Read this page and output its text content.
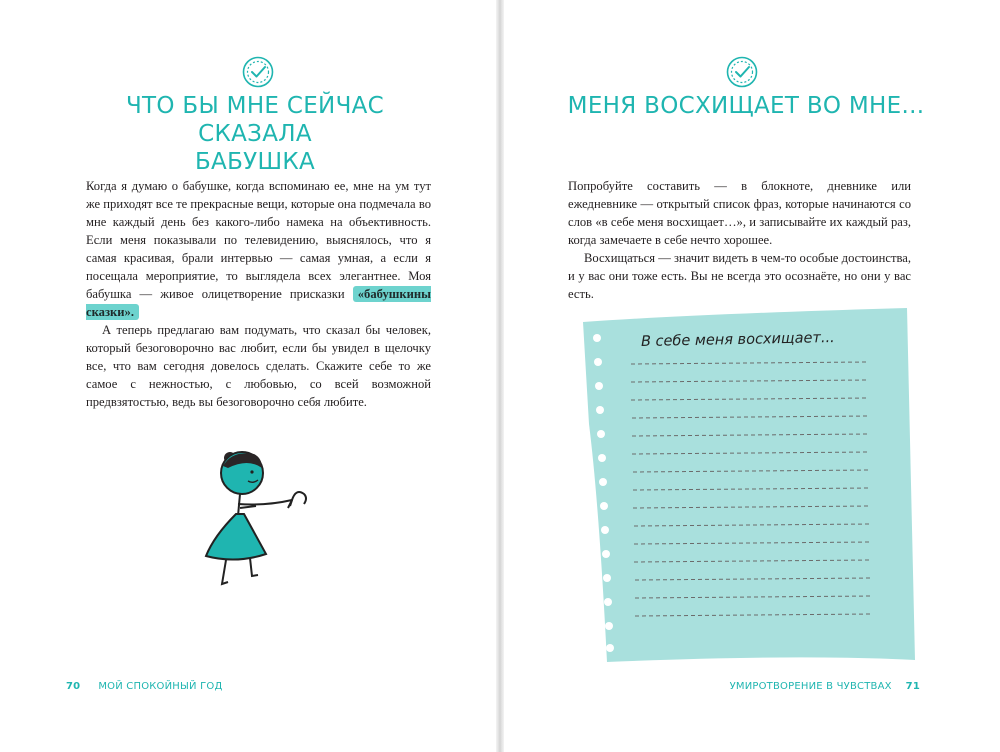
ЧТО БЫ МНЕ СЕЙЧАС СКАЗАЛА
БАБУШКА

Когда я думаю о бабушке, когда вспоминаю ее, мне на ум тут же приходят все те прекрасные вещи, которые она подмечала во мне каждый день без какого-либо намека на объективность. Если меня показывали по телевидению, выяснялось, что я самая красивая, брали интервью — самая умная, а если я посещала мероприятие, то выглядела всех элегантнее. Моя бабушка — живое олицетворение присказки «бабушкины сказки».

А теперь предлагаю вам подумать, что сказал бы человек, который безоговорочно вас любит, если бы увидел в щелочку все, что вам сегодня довелось сделать. Скажите себе то же самое с нежностью, с любовью, со всей возможной предвзятостью, ведь вы безоговорочно себя любите.

70 МОЙ СПОКОЙНЫЙ ГОД
МЕНЯ ВОСХИЩАЕТ ВО МНЕ...

Попробуйте составить — в блокноте, дневнике или ежедневнике — открытый список фраз, которые начинаются со слов «в себе меня восхищает…», и записывайте их каждый раз, когда замечаете в себе нечто хорошее.

Восхищаться — значит видеть в чем-то особые достоинства, и у вас они тоже есть. Вы не всегда это осознаёте, но они у вас есть.

В себе меня восхищает...
УМИРОТВОРЕНИЕ В ЧУВСТВАХ 71
